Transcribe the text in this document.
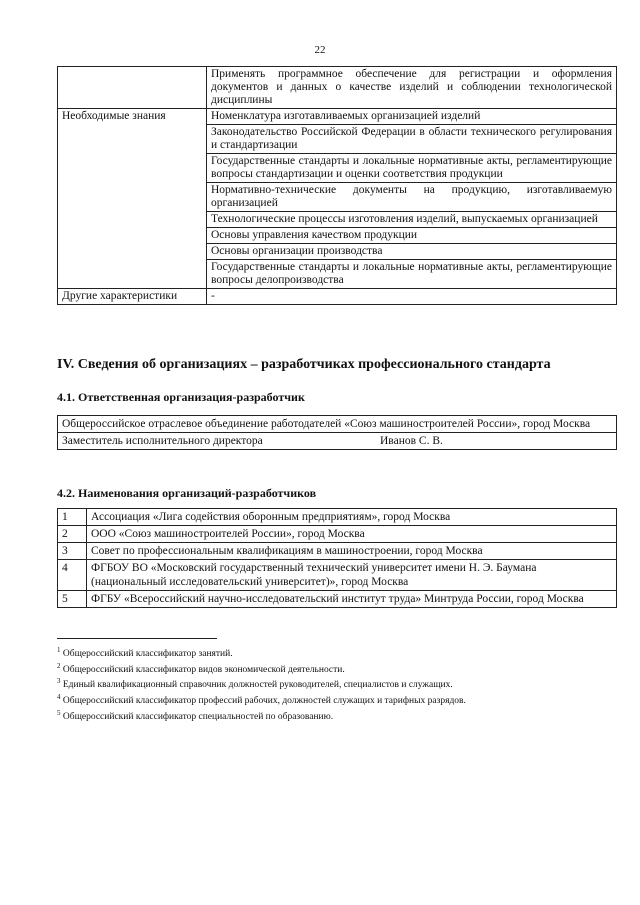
22
	Применять программное обеспечение для регистрации и оформления документов и данных о качестве изделий и соблюдении технологической дисциплины
Необходимые знания	Номенклатура изготавливаемых организацией изделий
	Законодательство Российской Федерации в области технического регулирования и стандартизации
	Государственные стандарты и локальные нормативные акты, регламентирующие вопросы стандартизации и оценки соответствия продукции
	Нормативно-технические документы на продукцию, изготавливаемую организацией
	Технологические процессы изготовления изделий, выпускаемых организацией
	Основы управления качеством продукции
	Основы организации производства
	Государственные стандарты и локальные нормативные акты, регламентирующие вопросы делопроизводства
Другие характеристики	-
IV. Сведения об организациях – разработчиках профессионального стандарта
4.1. Ответственная организация-разработчик
Общероссийское отраслевое объединение работодателей «Союз машиностроителей России», город Москва
Заместитель исполнительного директора	Иванов С. В.
4.2. Наименования организаций-разработчиков
1	Ассоциация «Лига содействия оборонным предприятиям», город Москва
2	ООО «Союз машиностроителей России», город Москва
3	Совет по профессиональным квалификациям в машиностроении, город Москва
4	ФГБОУ ВО «Московский государственный технический университет имени Н. Э. Баумана (национальный исследовательский университет)», город Москва
5	ФГБУ «Всероссийский научно-исследовательский институт труда» Минтруда России, город Москва
$^1$ Общероссийский классификатор занятий.
$^2$ Общероссийский классификатор видов экономической деятельности.
$^3$ Единый квалификационный справочник должностей руководителей, специалистов и служащих.
$^4$ Общероссийский классификатор профессий рабочих, должностей служащих и тарифных разрядов.
$^5$ Общероссийский классификатор специальностей по образованию.
